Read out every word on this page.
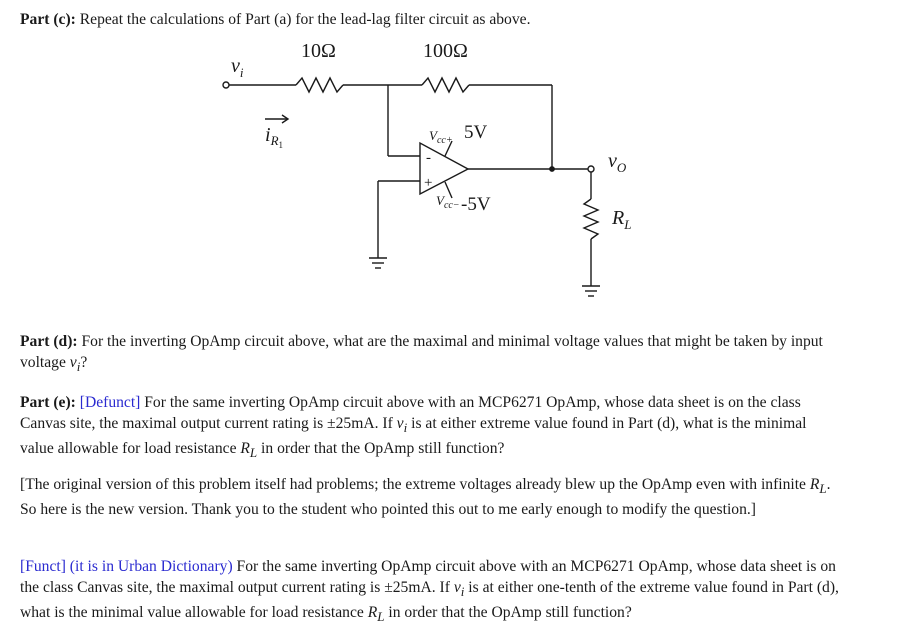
Part (c): Repeat the calculations of Part (a) for the lead-lag filter circuit as above.
$v_i$
10Ω	100Ω
$i_R1$
$V_{cc+}$ 5V
-
+
$V_{cc-}$ -5V
$v_O$
$R_L$
Part (d): For the inverting OpAmp circuit above, what are the maximal and minimal voltage values that might be taken by input voltage $v_i$?
Part (e): [Defunct] For the same inverting OpAmp circuit above with an MCP6271 OpAmp, whose data sheet is on the class Canvas site, the maximal output current rating is ±25mA. If $v_i$ is at either extreme value found in Part (d), what is the minimal value allowable for load resistance $R_L$ in order that the OpAmp still function?
[The original version of this problem itself had problems; the extreme voltages already blew up the OpAmp even with infinite $R_L$. So here is the new version. Thank you to the student who pointed this out to me early enough to modify the question.]
[Funct] (it is in Urban Dictionary) For the same inverting OpAmp circuit above with an MCP6271 OpAmp, whose data sheet is on the class Canvas site, the maximal output current rating is ±25mA. If $v_i$ is at either one-tenth of the extreme value found in Part (d), what is the minimal value allowable for load resistance $R_L$ in order that the OpAmp still function?
